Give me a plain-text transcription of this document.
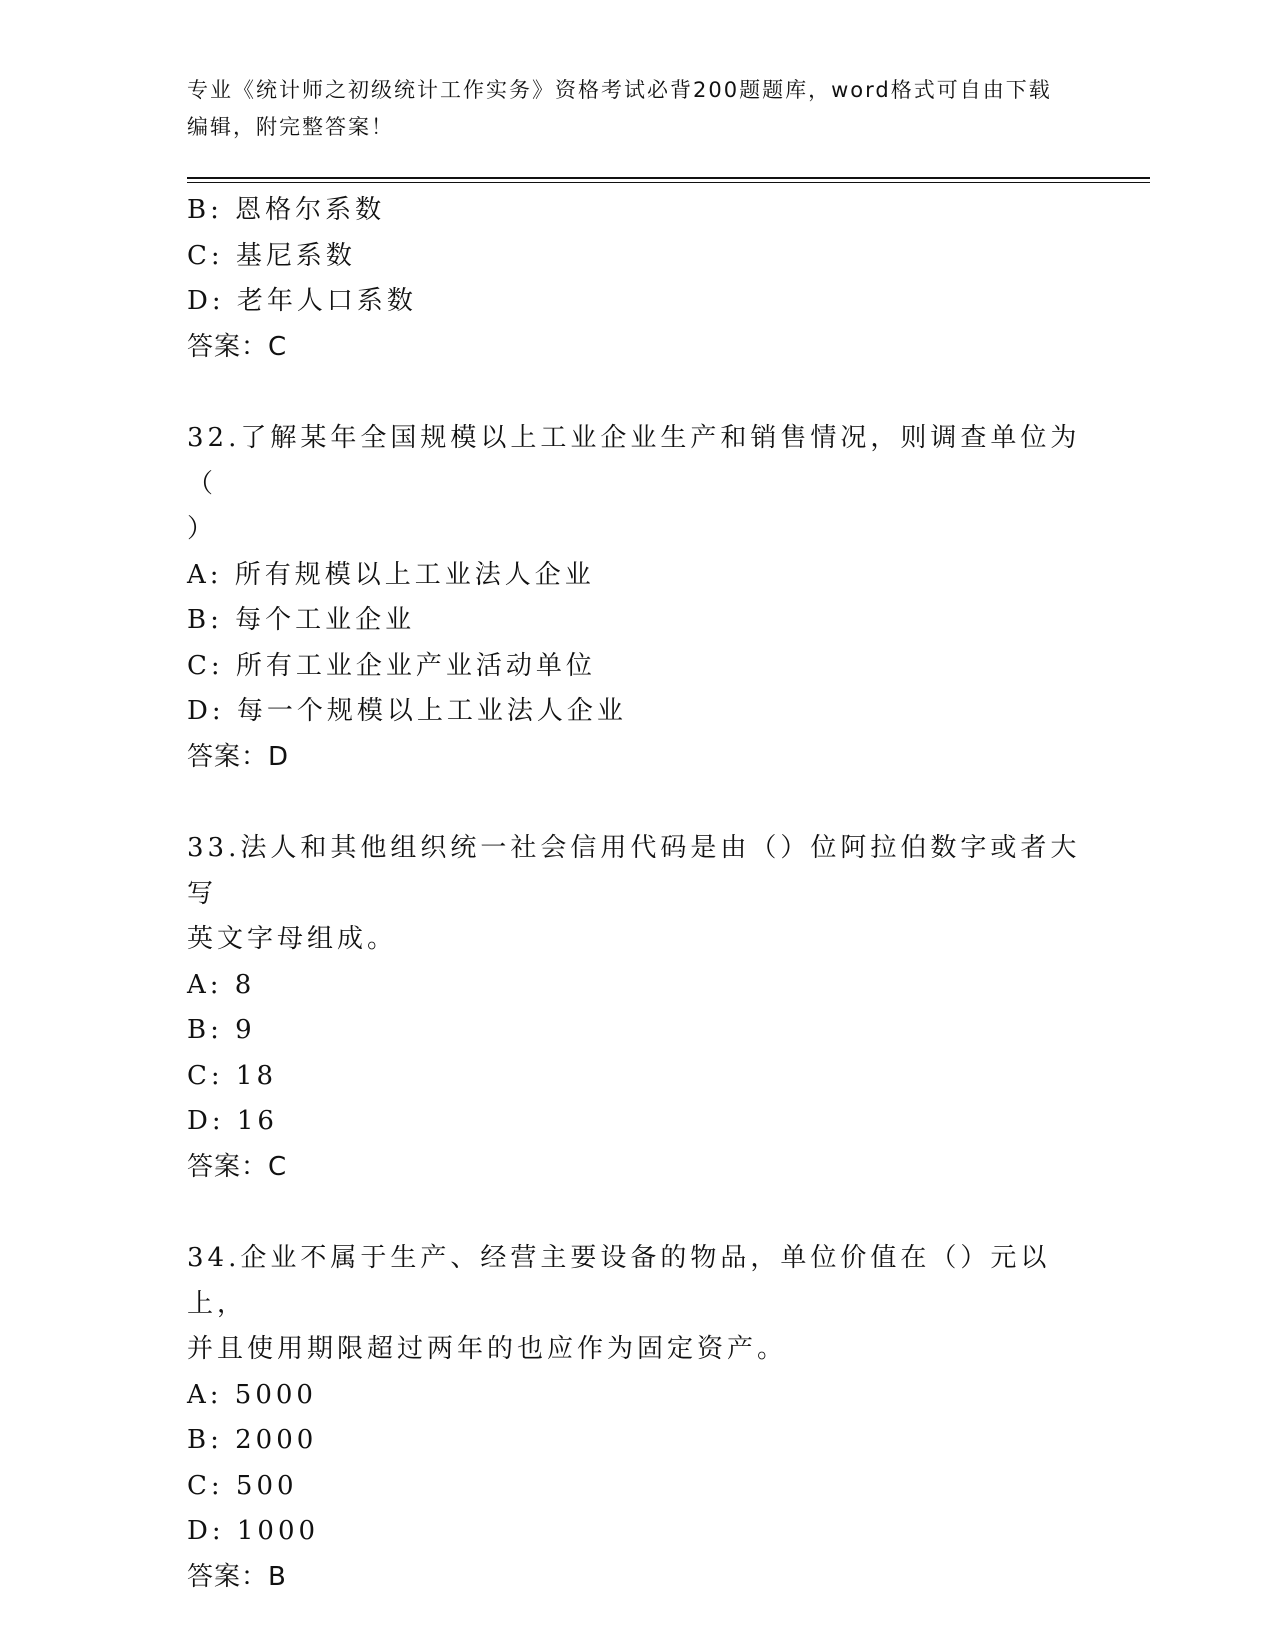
专业《统计师之初级统计工作实务》资格考试必背200题题库，word格式可自由下载编辑，附完整答案！
B: 恩格尔系数
C: 基尼系数
D: 老年人口系数
答案：C
32.了解某年全国规模以上工业企业生产和销售情况，则调查单位为（
）
A: 所有规模以上工业法人企业
B: 每个工业企业
C: 所有工业企业产业活动单位
D: 每一个规模以上工业法人企业
答案：D
33.法人和其他组织统一社会信用代码是由（）位阿拉伯数字或者大写
英文字母组成。
A: 8
B: 9
C: 18
D: 16
答案：C
34.企业不属于生产、经营主要设备的物品，单位价值在（）元以上，
并且使用期限超过两年的也应作为固定资产。
A: 5000
B: 2000
C: 500
D: 1000
答案：B
